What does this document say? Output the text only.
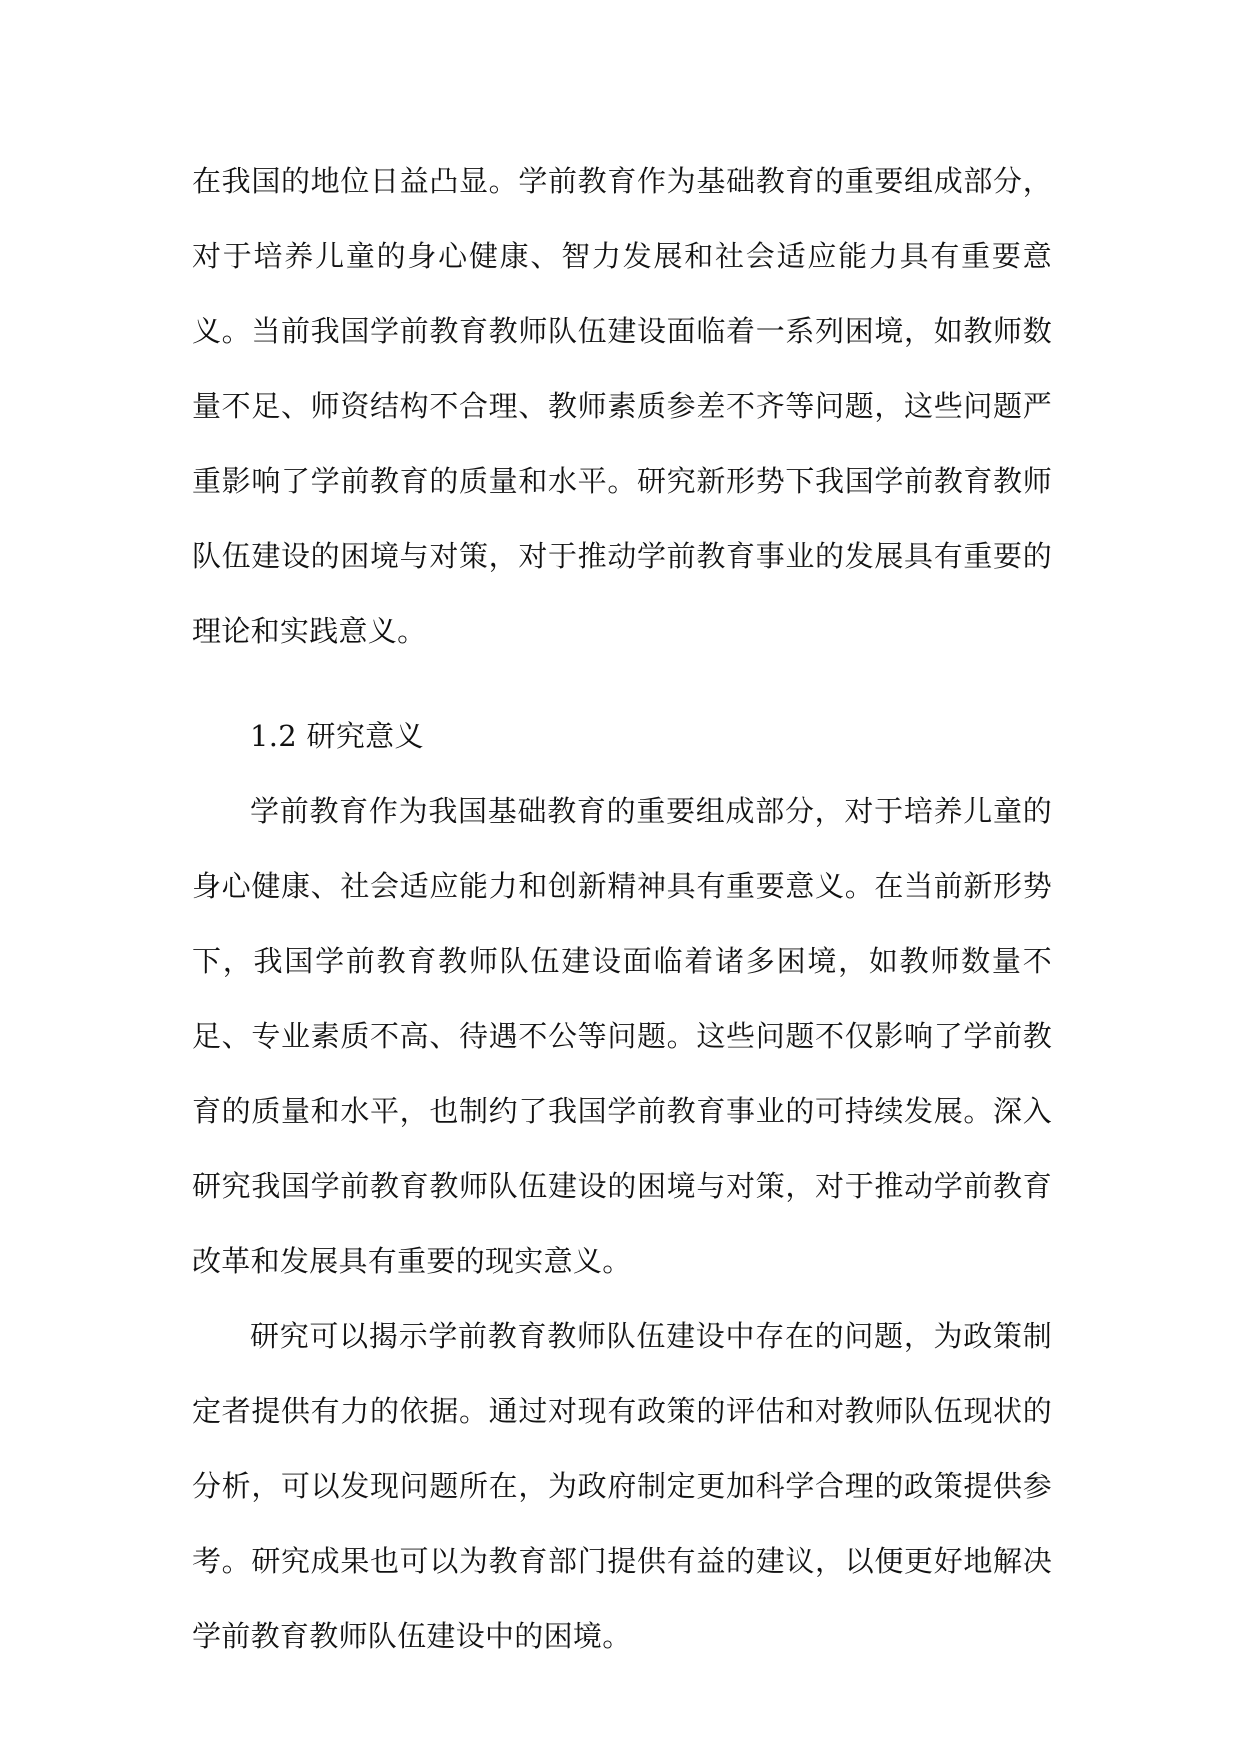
在我国的地位日益凸显。学前教育作为基础教育的重要组成部分，对于培养儿童的身心健康、智力发展和社会适应能力具有重要意义。当前我国学前教育教师队伍建设面临着一系列困境，如教师数量不足、师资结构不合理、教师素质参差不齐等问题，这些问题严重影响了学前教育的质量和水平。研究新形势下我国学前教育教师队伍建设的困境与对策，对于推动学前教育事业的发展具有重要的理论和实践意义。

1.2 研究意义

学前教育作为我国基础教育的重要组成部分，对于培养儿童的身心健康、社会适应能力和创新精神具有重要意义。在当前新形势下，我国学前教育教师队伍建设面临着诸多困境，如教师数量不足、专业素质不高、待遇不公等问题。这些问题不仅影响了学前教育的质量和水平，也制约了我国学前教育事业的可持续发展。深入研究我国学前教育教师队伍建设的困境与对策，对于推动学前教育改革和发展具有重要的现实意义。

研究可以揭示学前教育教师队伍建设中存在的问题，为政策制定者提供有力的依据。通过对现有政策的评估和对教师队伍现状的分析，可以发现问题所在，为政府制定更加科学合理的政策提供参考。研究成果也可以为教育部门提供有益的建议，以便更好地解决学前教育教师队伍建设中的困境。
